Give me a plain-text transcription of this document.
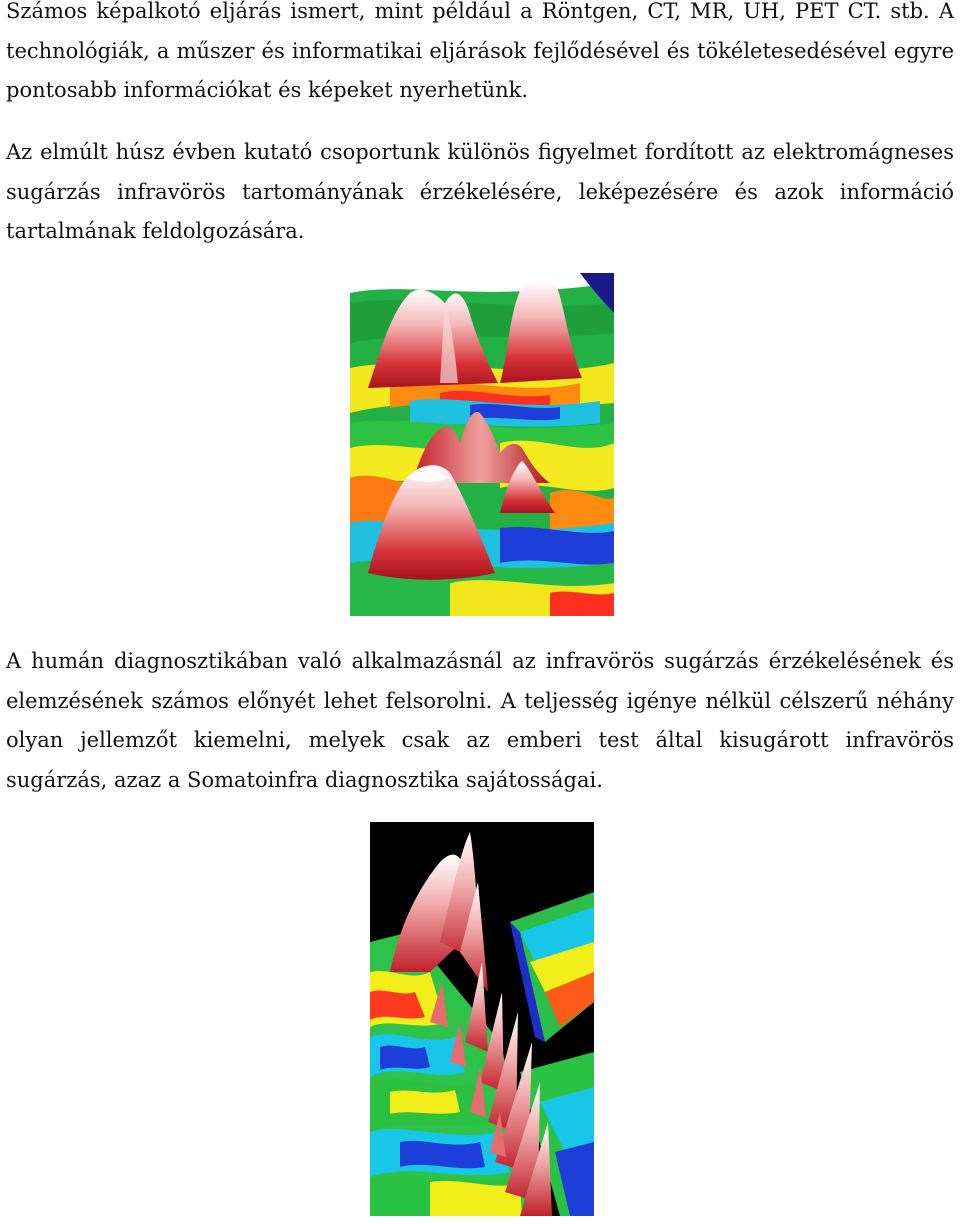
Számos képalkotó eljárás ismert, mint például a Röntgen, CT, MR, UH, PET CT. stb. A technológiák, a műszer és informatikai eljárások fejlődésével és tökéletesedésével egyre pontosabb információkat és képeket nyerhetünk.

Az elmúlt húsz évben kutató csoportunk különös figyelmet fordított az elektromágneses sugárzás infravörös tartományának érzékelésére, leképezésére és azok információ tartalmának feldolgozására.

A humán diagnosztikában való alkalmazásnál az infravörös sugárzás érzékelésének és elemzésének számos előnyét lehet felsorolni. A teljesség igénye nélkül célszerű néhány olyan jellemzőt kiemelni, melyek csak az emberi test által kisugárott infravörös sugárzás, azaz a Somatoinfra diagnosztika sajátosságai.
